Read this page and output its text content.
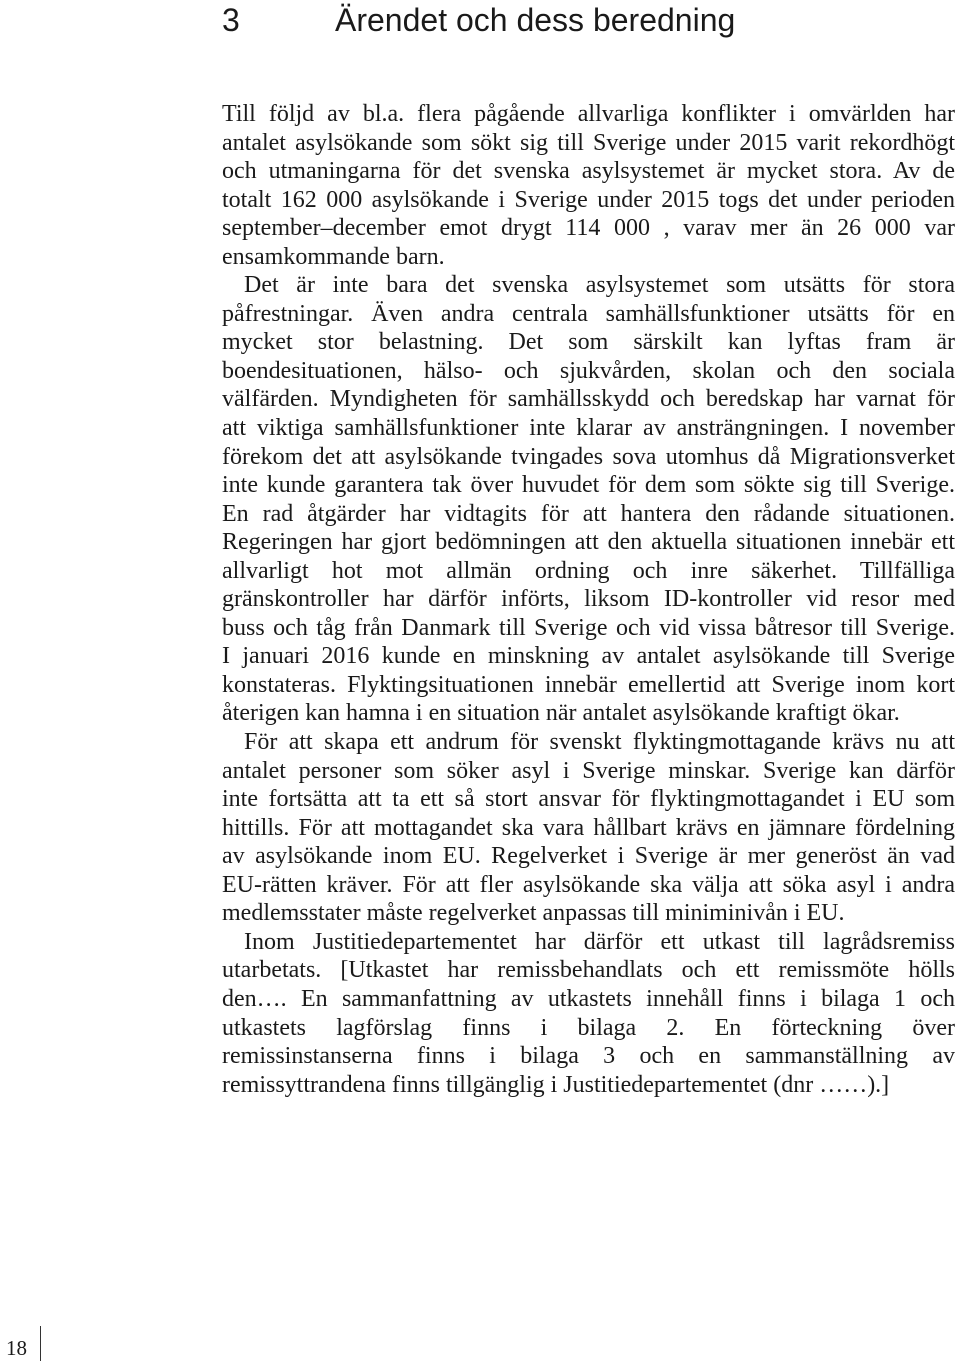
3	Ärendet och dess beredning
Till följd av bl.a. flera pågående allvarliga konflikter i omvärlden har
antalet asylsökande som sökt sig till Sverige under 2015 varit rekordhögt
och utmaningarna för det svenska asylsystemet är mycket stora. Av de
totalt 162 000 asylsökande i Sverige under 2015 togs det under perioden
september–december emot drygt 114 000 , varav mer än 26 000 var
ensamkommande barn.
Det är inte bara det svenska asylsystemet som utsätts för stora
påfrestningar. Även andra centrala samhällsfunktioner utsätts för en
mycket stor belastning. Det som särskilt kan lyftas fram är
boendesituationen, hälso- och sjukvården, skolan och den sociala
välfärden. Myndigheten för samhällsskydd och beredskap har varnat för
att viktiga samhällsfunktioner inte klarar av ansträngningen. I november
förekom det att asylsökande tvingades sova utomhus då Migrationsverket
inte kunde garantera tak över huvudet för dem som sökte sig till Sverige.
En rad åtgärder har vidtagits för att hantera den rådande situationen.
Regeringen har gjort bedömningen att den aktuella situationen innebär ett
allvarligt hot mot allmän ordning och inre säkerhet. Tillfälliga
gränskontroller har därför införts, liksom ID-kontroller vid resor med
buss och tåg från Danmark till Sverige och vid vissa båtresor till Sverige.
I januari 2016 kunde en minskning av antalet asylsökande till Sverige
konstateras. Flyktingsituationen innebär emellertid att Sverige inom kort
återigen kan hamna i en situation när antalet asylsökande kraftigt ökar.
För att skapa ett andrum för svenskt flyktingmottagande krävs nu att
antalet personer som söker asyl i Sverige minskar. Sverige kan därför
inte fortsätta att ta ett så stort ansvar för flyktingmottagandet i EU som
hittills. För att mottagandet ska vara hållbart krävs en jämnare fördelning
av asylsökande inom EU. Regelverket i Sverige är mer generöst än vad
EU-rätten kräver. För att fler asylsökande ska välja att söka asyl i andra
medlemsstater måste regelverket anpassas till miniminivån i EU.
Inom Justitiedepartementet har därför ett utkast till lagrådsremiss
utarbetats. [Utkastet har remissbehandlats och ett remissmöte hölls
den…. En sammanfattning av utkastets innehåll finns i bilaga 1 och
utkastets lagförslag finns i bilaga 2. En förteckning över
remissinstanserna finns i bilaga 3 och en sammanställning av
remissyttrandena finns tillgänglig i Justitiedepartementet (dnr ……).]
18
